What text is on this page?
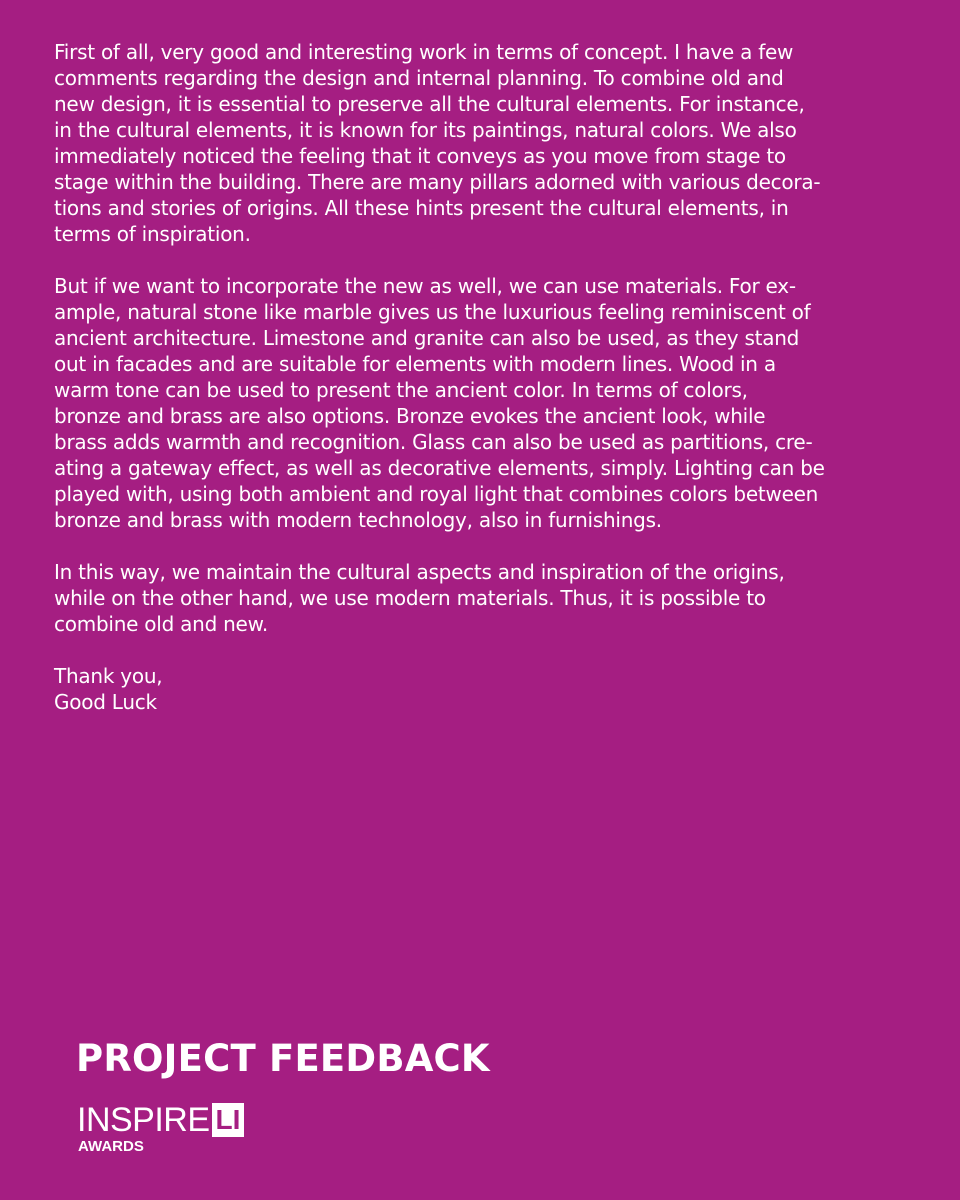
First of all, very good and interesting work in terms of concept. I have a few
comments regarding the design and internal planning. To combine old and
new design, it is essential to preserve all the cultural elements. For instance,
in the cultural elements, it is known for its paintings, natural colors. We also
immediately noticed the feeling that it conveys as you move from stage to
stage within the building. There are many pillars adorned with various decora-
tions and stories of origins. All these hints present the cultural elements, in
terms of inspiration.

But if we want to incorporate the new as well, we can use materials. For ex-
ample, natural stone like marble gives us the luxurious feeling reminiscent of
ancient architecture. Limestone and granite can also be used, as they stand
out in facades and are suitable for elements with modern lines. Wood in a
warm tone can be used to present the ancient color. In terms of colors,
bronze and brass are also options. Bronze evokes the ancient look, while
brass adds warmth and recognition. Glass can also be used as partitions, cre-
ating a gateway effect, as well as decorative elements, simply. Lighting can be
played with, using both ambient and royal light that combines colors between
bronze and brass with modern technology, also in furnishings.

In this way, we maintain the cultural aspects and inspiration of the origins,
while on the other hand, we use modern materials. Thus, it is possible to
combine old and new.

Thank you,
Good Luck

PROJECT FEEDBACK
INSPIRE LI
AWARDS
